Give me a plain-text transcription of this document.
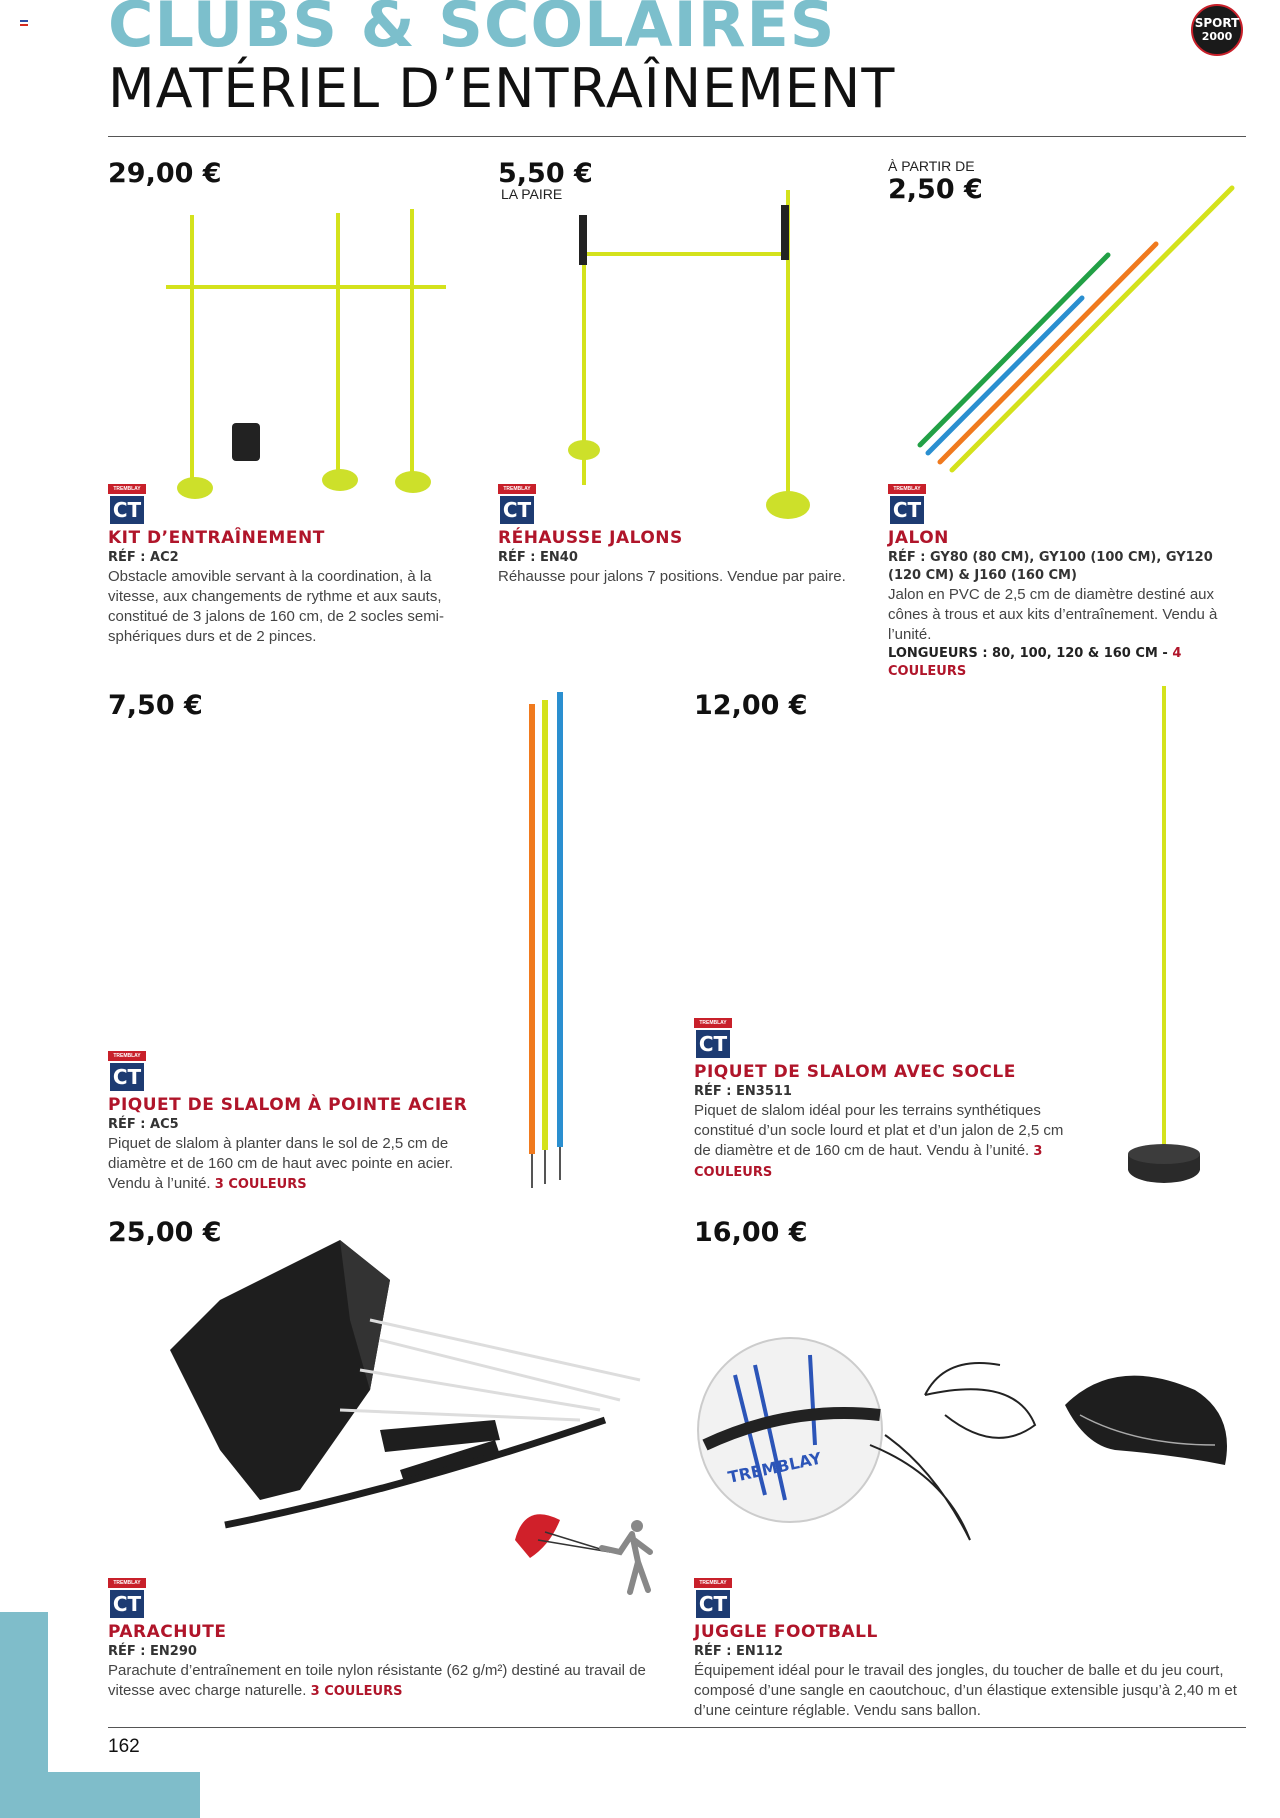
CLUBS & SCOLAIRES
MATÉRIEL D’ENTRAÎNEMENT
SPORT
2000
29,00 €
TREMBLAY
CT
KIT D’ENTRAÎNEMENT
RÉF : AC2
Obstacle amovible servant à la coordination, à la vitesse, aux changements de rythme et aux sauts, constitué de 3 jalons de 160 cm, de 2 socles semi-sphériques durs et de 2 pinces.
5,50 €
LA PAIRE
TREMBLAY
CT
RÉHAUSSE JALONS
RÉF : EN40
Réhausse pour jalons 7 positions. Vendue par paire.
À PARTIR DE
2,50 €
TREMBLAY
CT
JALON
RÉF : GY80 (80 CM), GY100 (100 CM), GY120 (120 CM) & J160 (160 CM)
Jalon en PVC de 2,5 cm de diamètre destiné aux cônes à trous et aux kits d’entraînement. Vendu à l’unité.
LONGUEURS : 80, 100, 120 & 160 CM - 4 COULEURS
7,50 €
TREMBLAY
CT
PIQUET DE SLALOM À POINTE ACIER
RÉF : AC5
Piquet de slalom à planter dans le sol de 2,5 cm de diamètre et de 160 cm de haut avec pointe en acier. Vendu à l’unité. 3 COULEURS
12,00 €
TREMBLAY
CT
PIQUET DE SLALOM AVEC SOCLE
RÉF : EN3511
Piquet de slalom idéal pour les terrains synthétiques constitué d’un socle lourd et plat et d’un jalon de 2,5 cm de diamètre et de 160 cm de haut. Vendu à l’unité. 3 COULEURS
25,00 €
TREMBLAY
CT
PARACHUTE
RÉF : EN290
Parachute d’entraînement en toile nylon résistante (62 g/m²) destiné au travail de vitesse avec charge naturelle. 3 COULEURS
16,00 €
TREMBLAY
TREMBLAY
CT
JUGGLE FOOTBALL
RÉF : EN112
Équipement idéal pour le travail des jongles, du toucher de balle et du jeu court, composé d’une sangle en caoutchouc, d’un élastique extensible jusqu’à 2,40 m et d’une ceinture réglable. Vendu sans ballon.
162
